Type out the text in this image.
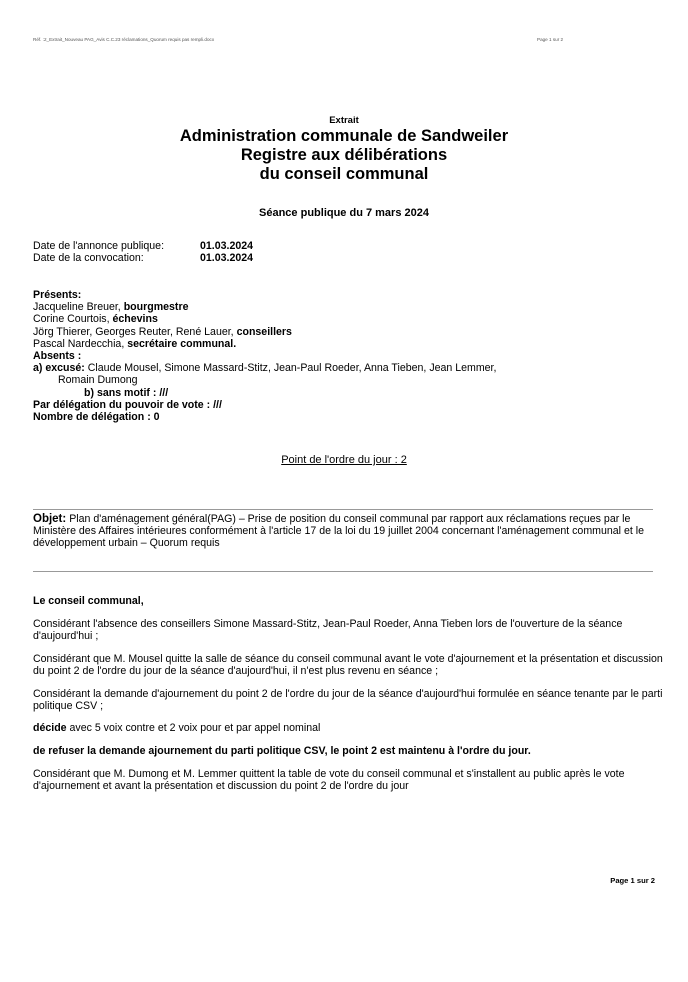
Réf. :2_Extrait_Nouveau PAG_Avis C.C.23 réclamations_Quorum requis pas rempli.docx	Page 1 sur 2
Extrait
Administration communale de Sandweiler
Registre aux délibérations
du conseil communal
Séance publique du 7 mars 2024
Date de l'annonce publique:	01.03.2024
Date de la convocation:	01.03.2024
Présents:
Jacqueline Breuer, bourgmestre
Corine Courtois, échevins
Jörg Thierer, Georges Reuter, René Lauer, conseillers
Pascal Nardecchia, secrétaire communal.
Absents :
a) excusé: Claude Mousel, Simone Massard-Stitz, Jean-Paul Roeder, Anna Tieben, Jean Lemmer,
Romain Dumong
b) sans motif : ///
Par délégation du pouvoir de vote : ///
Nombre de délégation : 0
Point de l'ordre du jour : 2
Objet: Plan d'aménagement général(PAG) – Prise de position du conseil communal par rapport aux réclamations reçues par le Ministère des Affaires intérieures conformément à l'article 17 de la loi du 19 juillet 2004 concernant l'aménagement communal et le développement urbain – Quorum requis

Le conseil communal,

Considérant l'absence des conseillers Simone Massard-Stitz, Jean-Paul Roeder, Anna Tieben lors de l'ouverture de la séance d'aujourd'hui ;

Considérant que M. Mousel quitte la salle de séance du conseil communal avant le vote d'ajournement et la présentation et discussion du point 2 de l'ordre du jour de la séance d'aujourd'hui, il n'est plus revenu en séance ;

Considérant la demande d'ajournement du point 2 de l'ordre du jour de la séance d'aujourd'hui formulée en séance tenante par le parti politique CSV ;

décide avec 5 voix contre et 2 voix pour et par appel nominal

de refuser la demande ajournement du parti politique CSV, le point 2 est maintenu à l'ordre du jour.

Considérant que M. Dumong et M. Lemmer quittent la table de vote du conseil communal et s'installent au public après le vote d'ajournement et avant la présentation et discussion du point 2 de l'ordre du jour

Page 1 sur 2
